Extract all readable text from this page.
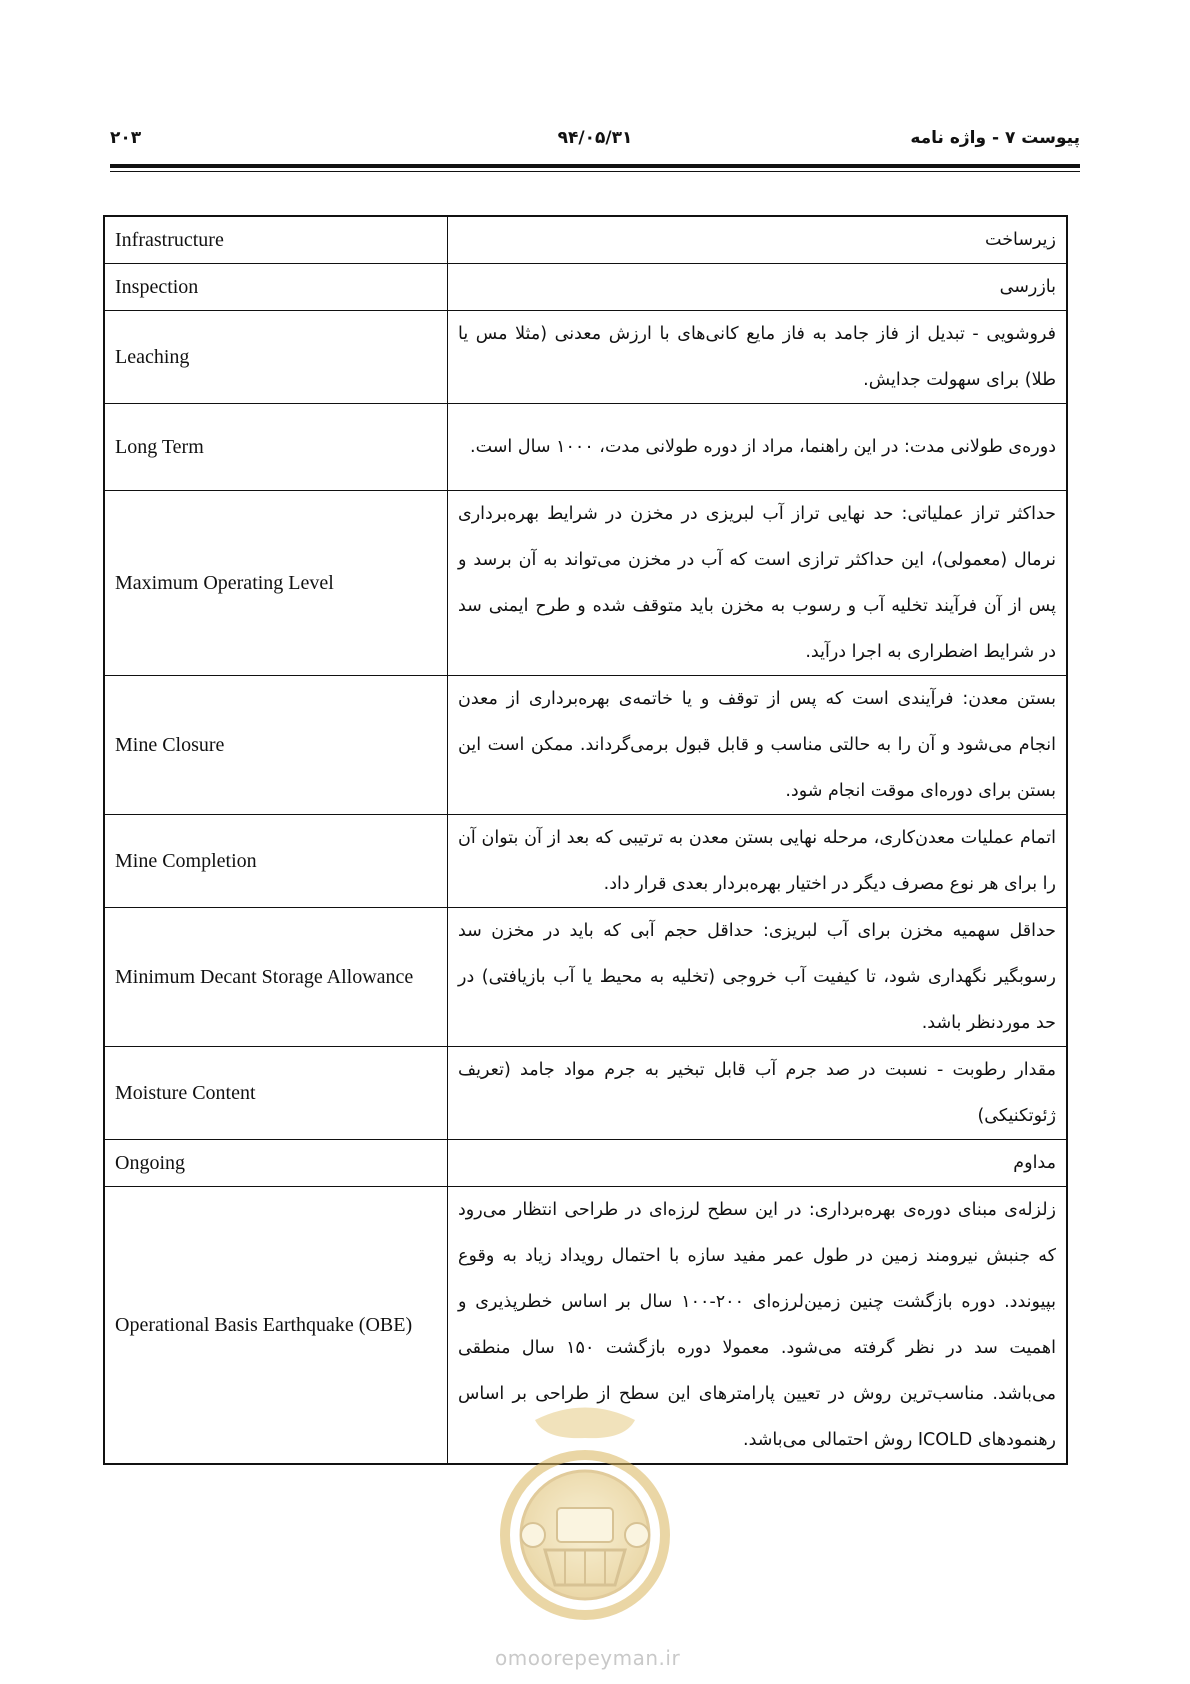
پیوست ۷ - واژه نامه
۹۴/۰۵/۳۱
۲۰۳
Infrastructure	زیرساخت
Inspection	بازرسی
Leaching	فروشویی - تبدیل از فاز جامد به فاز مایع کانی‌های با ارزش معدنی (مثلا مس یا طلا) برای سهولت جدایش.
Long Term	دوره‌ی طولانی مدت: در این راهنما، مراد از دوره طولانی مدت، ۱۰۰۰ سال است.
Maximum Operating Level	حداکثر تراز عملیاتی: حد نهایی تراز آب لبریزی در مخزن در شرایط بهره‌برداری نرمال (معمولی)، این حداکثر ترازی است که آب در مخزن می‌تواند به آن برسد و پس از آن فرآیند تخلیه آب و رسوب به مخزن باید متوقف شده و طرح ایمنی سد در شرایط اضطراری به اجرا درآید.
Mine Closure	بستن معدن: فرآیندی است که پس از توقف و یا خاتمه‌ی بهره‌برداری از معدن انجام می‌شود و آن را به حالتی مناسب و قابل قبول برمی‌گرداند. ممکن است این بستن برای دوره‌ای موقت انجام شود.
Mine Completion	اتمام عملیات معدن‌کاری، مرحله نهایی بستن معدن به ترتیبی که بعد از آن بتوان آن را برای هر نوع مصرف دیگر در اختیار بهره‌بردار بعدی قرار داد.
Minimum Decant Storage Allowance	حداقل سهمیه مخزن برای آب لبریزی: حداقل حجم آبی که باید در مخزن سد رسوبگیر نگهداری شود، تا کیفیت آب خروجی (تخلیه به محیط یا آب بازیافتی) در حد موردنظر باشد.
Moisture Content	مقدار رطوبت - نسبت در صد جرم آب قابل تبخیر به جرم مواد جامد (تعریف ژئوتکنیکی)
Ongoing	مداوم
Operational Basis Earthquake (OBE)	زلزله‌ی مبنای دوره‌ی بهره‌برداری: در این سطح لرزه‌ای در طراحی انتظار می‌رود که جنبش نیرومند زمین در طول عمر مفید سازه با احتمال رویداد زیاد به وقوع بپیوندد. دوره بازگشت چنین زمین‌لرزه‌ای ۲۰۰-۱۰۰ سال بر اساس خطرپذیری و اهمیت سد در نظر گرفته می‌شود. معمولا دوره بازگشت ۱۵۰ سال منطقی می‌باشد. مناسب‌ترین روش در تعیین پارامترهای این سطح از طراحی بر اساس رهنمودهای ICOLD روش احتمالی می‌باشد.
omoorepeyman.ir
